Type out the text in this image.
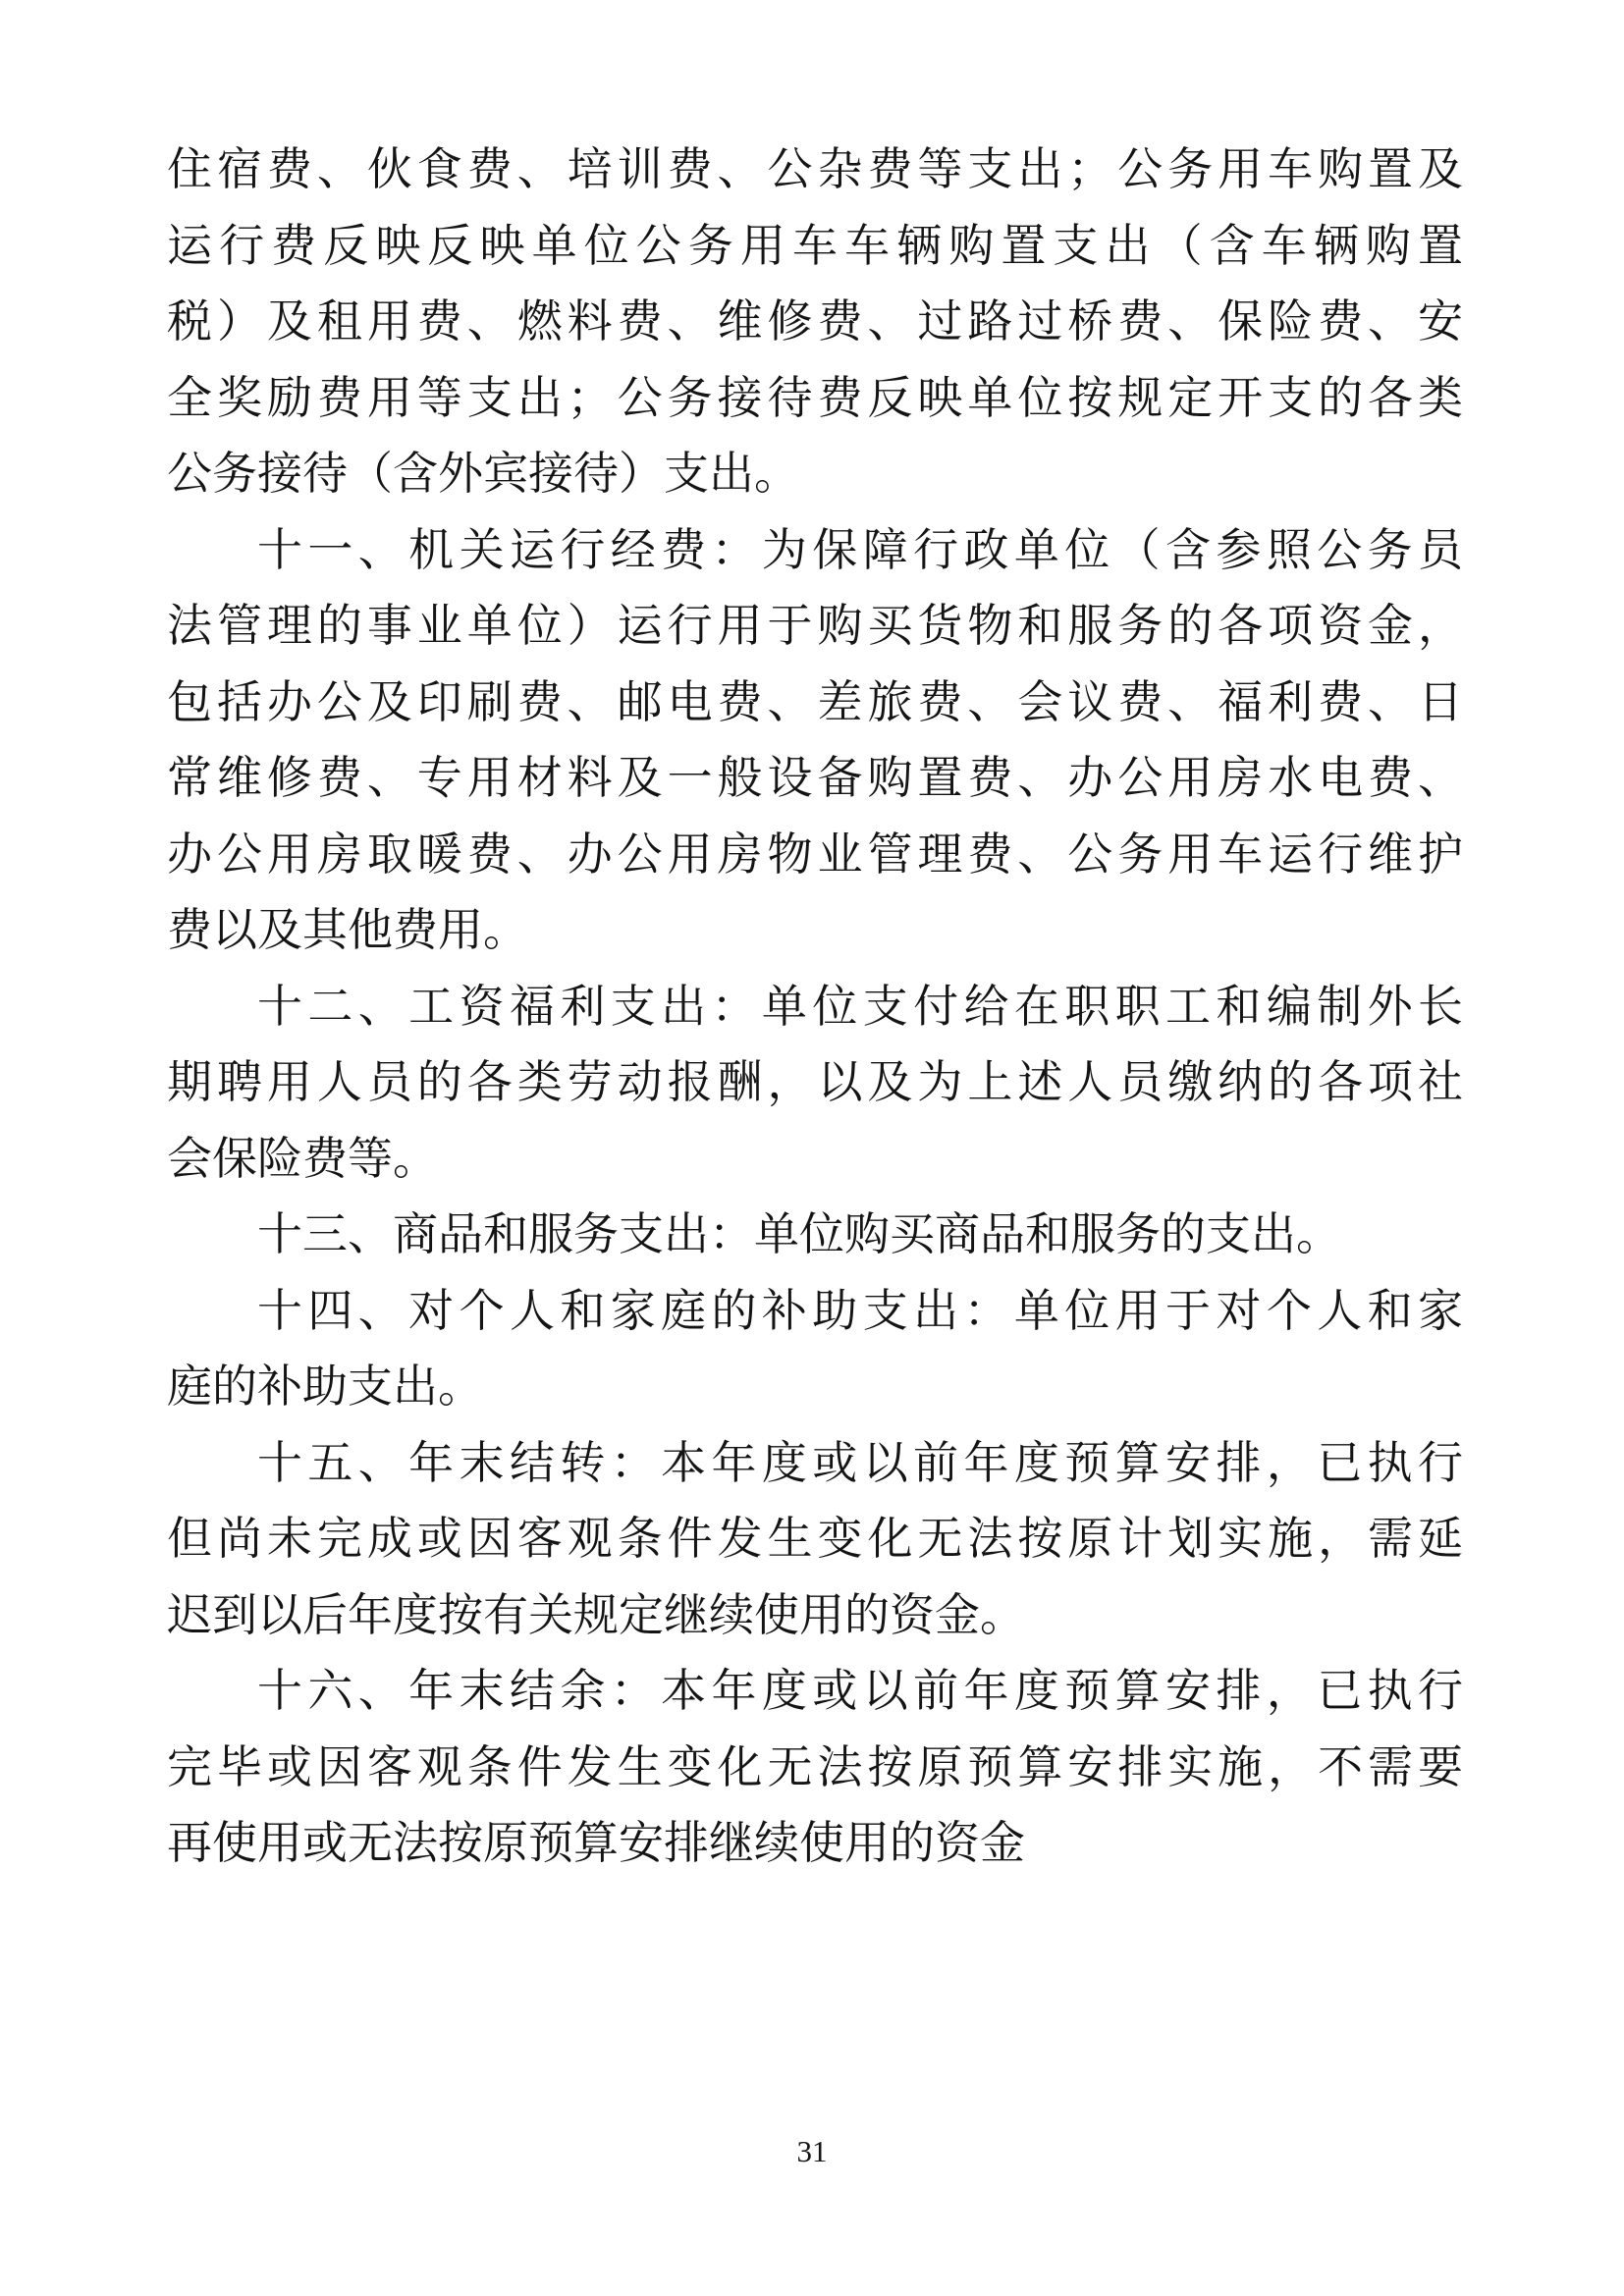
住宿费、伙食费、培训费、公杂费等支出；公务用车购置及
运行费反映反映单位公务用车车辆购置支出（含车辆购置
税）及租用费、燃料费、维修费、过路过桥费、保险费、安
全奖励费用等支出；公务接待费反映单位按规定开支的各类
公务接待（含外宾接待）支出。
十一、机关运行经费：为保障行政单位（含参照公务员
法管理的事业单位）运行用于购买货物和服务的各项资金，
包括办公及印刷费、邮电费、差旅费、会议费、福利费、日
常维修费、专用材料及一般设备购置费、办公用房水电费、
办公用房取暖费、办公用房物业管理费、公务用车运行维护
费以及其他费用。
十二、工资福利支出：单位支付给在职职工和编制外长
期聘用人员的各类劳动报酬，以及为上述人员缴纳的各项社
会保险费等。
十三、商品和服务支出：单位购买商品和服务的支出。
十四、对个人和家庭的补助支出：单位用于对个人和家
庭的补助支出。
十五、年末结转：本年度或以前年度预算安排，已执行
但尚未完成或因客观条件发生变化无法按原计划实施，需延
迟到以后年度按有关规定继续使用的资金。
十六、年末结余：本年度或以前年度预算安排，已执行
完毕或因客观条件发生变化无法按原预算安排实施，不需要
再使用或无法按原预算安排继续使用的资金
31
